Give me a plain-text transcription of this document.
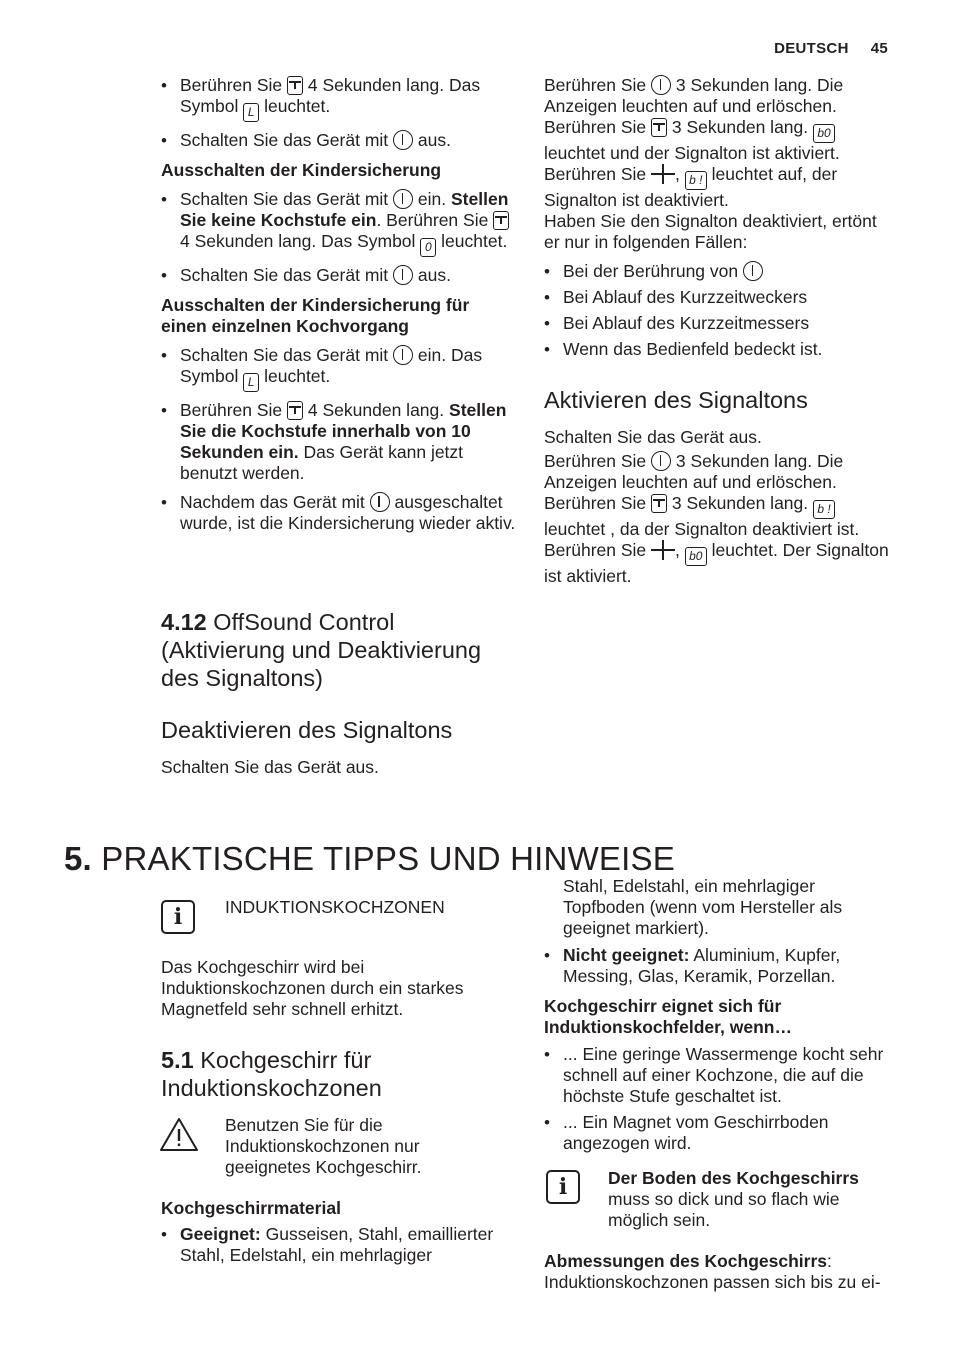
DEUTSCH 45
• Berühren Sie 4 Sekunden lang. Das Symbol L leuchtet.
• Schalten Sie das Gerät mit aus.

Ausschalten der Kindersicherung

• Schalten Sie das Gerät mit ein. Stellen Sie keine Kochstufe ein. Berühren Sie  4 Sekunden lang. Das Symbol 0 leuchtet.
• Schalten Sie das Gerät mit aus.

Ausschalten der Kindersicherung für einen einzelnen Kochvorgang

• Schalten Sie das Gerät mit ein. Das Symbol L leuchtet.
• Berühren Sie 4 Sekunden lang. Stellen Sie die Kochstufe innerhalb von 10 Sekunden ein. Das Gerät kann jetzt benutzt werden.
• Nachdem das Gerät mit ausgeschaltet wurde, ist die Kindersicherung wieder aktiv.

4.12 OffSound Control (Aktivierung und Deaktivierung des Signaltons)

Deaktivieren des Signaltons

Schalten Sie das Gerät aus.

Berühren Sie 3 Sekunden lang. Die Anzeigen leuchten auf und erlöschen. Berühren Sie 3 Sekunden lang. b0 leuchtet und der Signalton ist aktiviert. Berühren Sie , b ! leuchtet auf, der Signalton ist deaktiviert.

Haben Sie den Signalton deaktiviert, ertönt er nur in folgenden Fällen:

• Bei der Berührung von
• Bei Ablauf des Kurzzeitweckers
• Bei Ablauf des Kurzzeitmessers
• Wenn das Bedienfeld bedeckt ist.

Aktivieren des Signaltons

Schalten Sie das Gerät aus.

Berühren Sie 3 Sekunden lang. Die Anzeigen leuchten auf und erlöschen. Berühren Sie 3 Sekunden lang. b ! leuchtet , da der Signalton deaktiviert ist. Berühren Sie , b0 leuchtet. Der Signalton ist aktiviert.

5. PRAKTISCHE TIPPS UND HINWEISE

i	INDUKTIONSKOCHZONEN
Das Kochgeschirr wird bei Induktionskochzonen durch ein starkes Magnetfeld sehr schnell erhitzt.

5.1 Kochgeschirr für Induktionskochzonen

Benutzen Sie für die Induktionskochzonen nur geeignetes Kochgeschirr.

Kochgeschirrmaterial

• Geeignet: Gusseisen, Stahl, emaillierter Stahl, Edelstahl, ein mehrlagiger
• Stahl, Edelstahl, ein mehrlagiger Topfboden (wenn vom Hersteller als geeignet markiert).
• Nicht geeignet: Aluminium, Kupfer, Messing, Glas, Keramik, Porzellan.

Kochgeschirr eignet sich für Induktionskochfelder, wenn…

• ... Eine geringe Wassermenge kocht sehr schnell auf einer Kochzone, die auf die höchste Stufe geschaltet ist.
• ... Ein Magnet vom Geschirrboden angezogen wird.
i	Der Boden des Kochgeschirrs muss so dick und so flach wie möglich sein.
Abmessungen des Kochgeschirrs: Induktionskochzonen passen sich bis zu ei-
